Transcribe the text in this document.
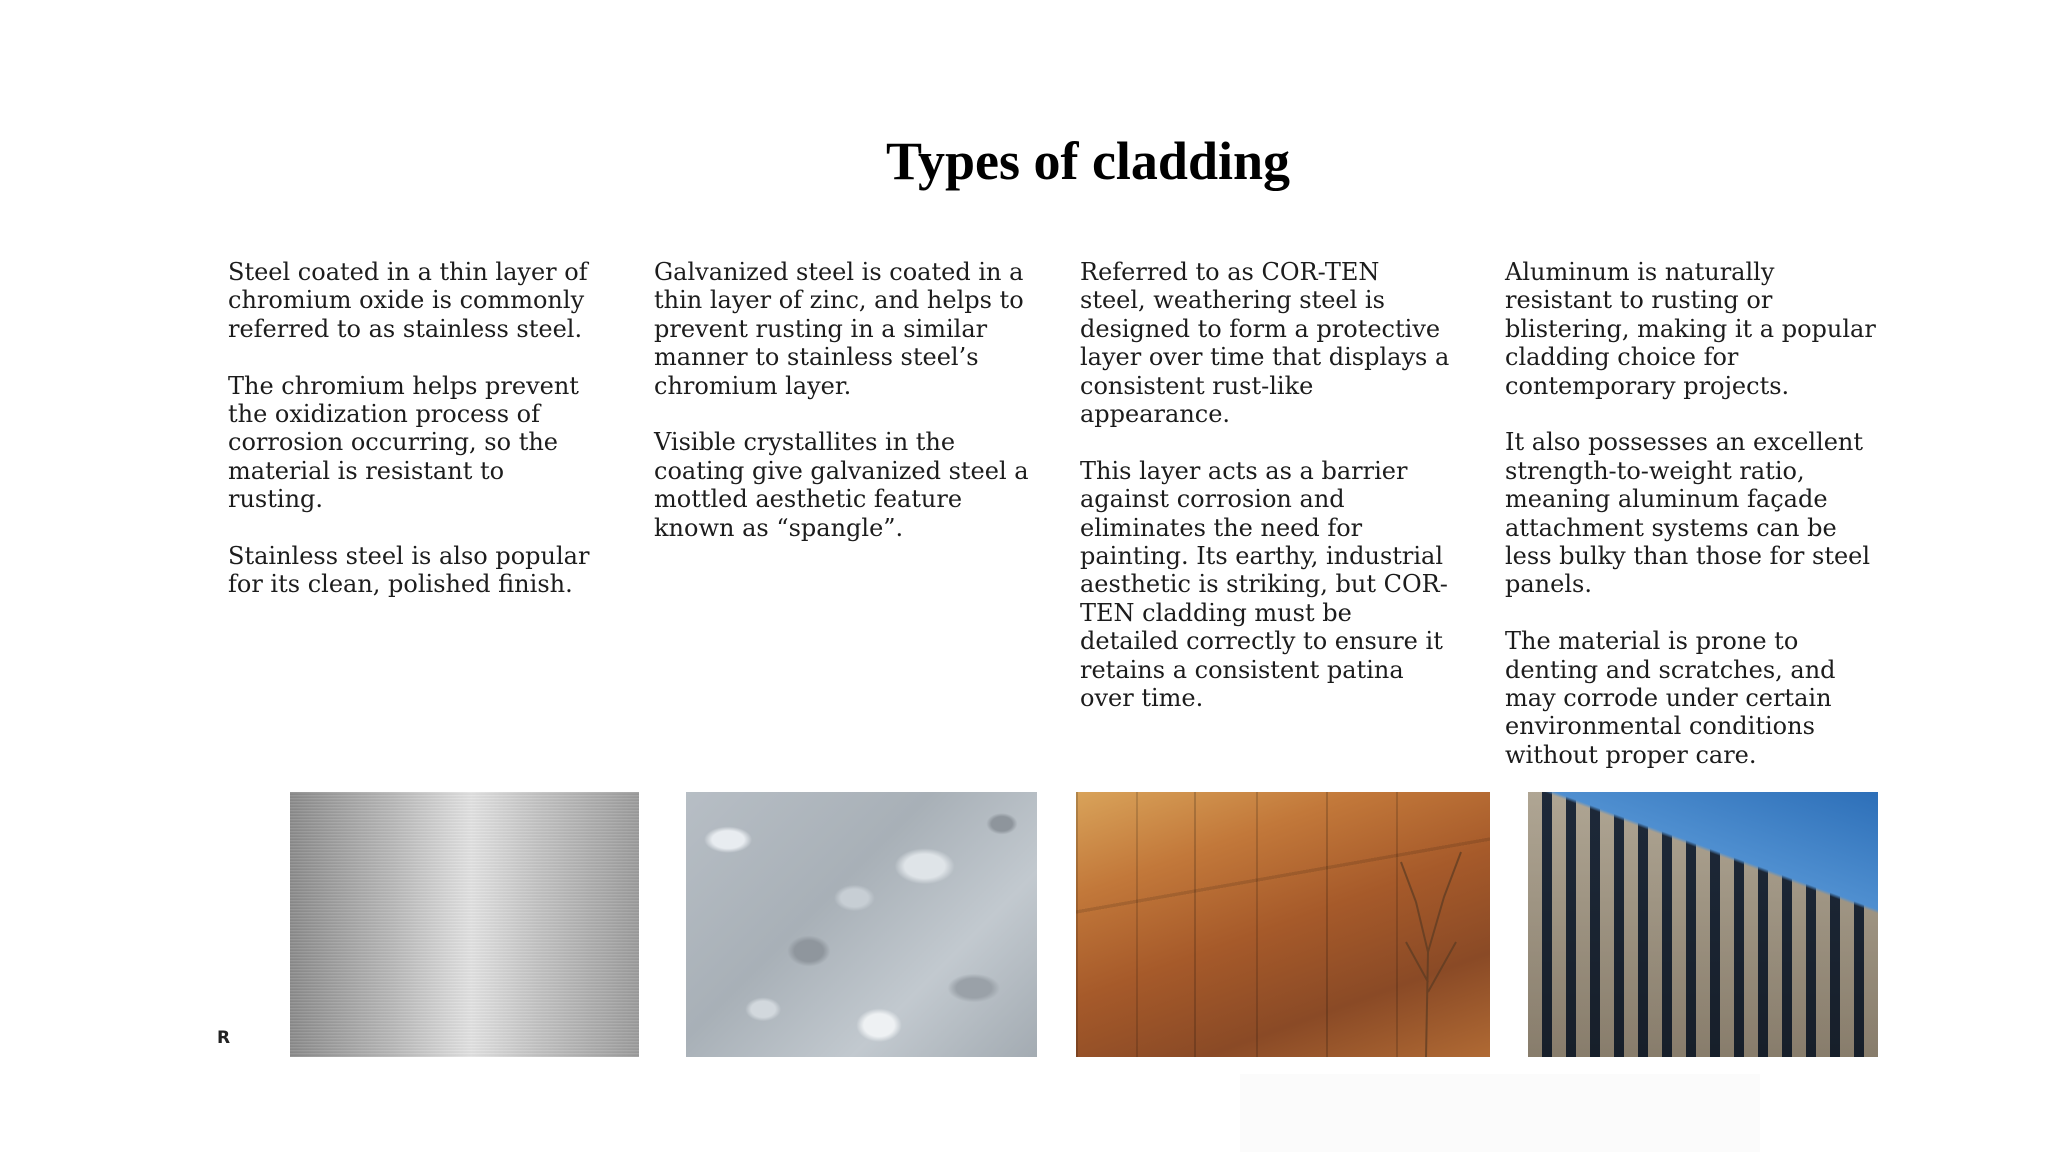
Types of cladding

Steel coated in a thin layer of
chromium oxide is commonly
referred to as stainless steel.

The chromium helps prevent
the oxidization process of
corrosion occurring, so the
material is resistant to
rusting.

Stainless steel is also popular
for its clean, polished finish.

Galvanized steel is coated in a
thin layer of zinc, and helps to
prevent rusting in a similar
manner to stainless steel’s
chromium layer.

Visible crystallites in the
coating give galvanized steel a
mottled aesthetic feature
known as “spangle”.

Referred to as COR-TEN
steel, weathering steel is
designed to form a protective
layer over time that displays a
consistent rust-like
appearance.

This layer acts as a barrier
against corrosion and
eliminates the need for
painting. Its earthy, industrial
aesthetic is striking, but COR-
TEN cladding must be
detailed correctly to ensure it
retains a consistent patina
over time.

Aluminum is naturally
resistant to rusting or
blistering, making it a popular
cladding choice for
contemporary projects.

It also possesses an excellent
strength-to-weight ratio,
meaning aluminum façade
attachment systems can be
less bulky than those for steel
panels.

The material is prone to
denting and scratches, and
may corrode under certain
environmental conditions
without proper care.

R
